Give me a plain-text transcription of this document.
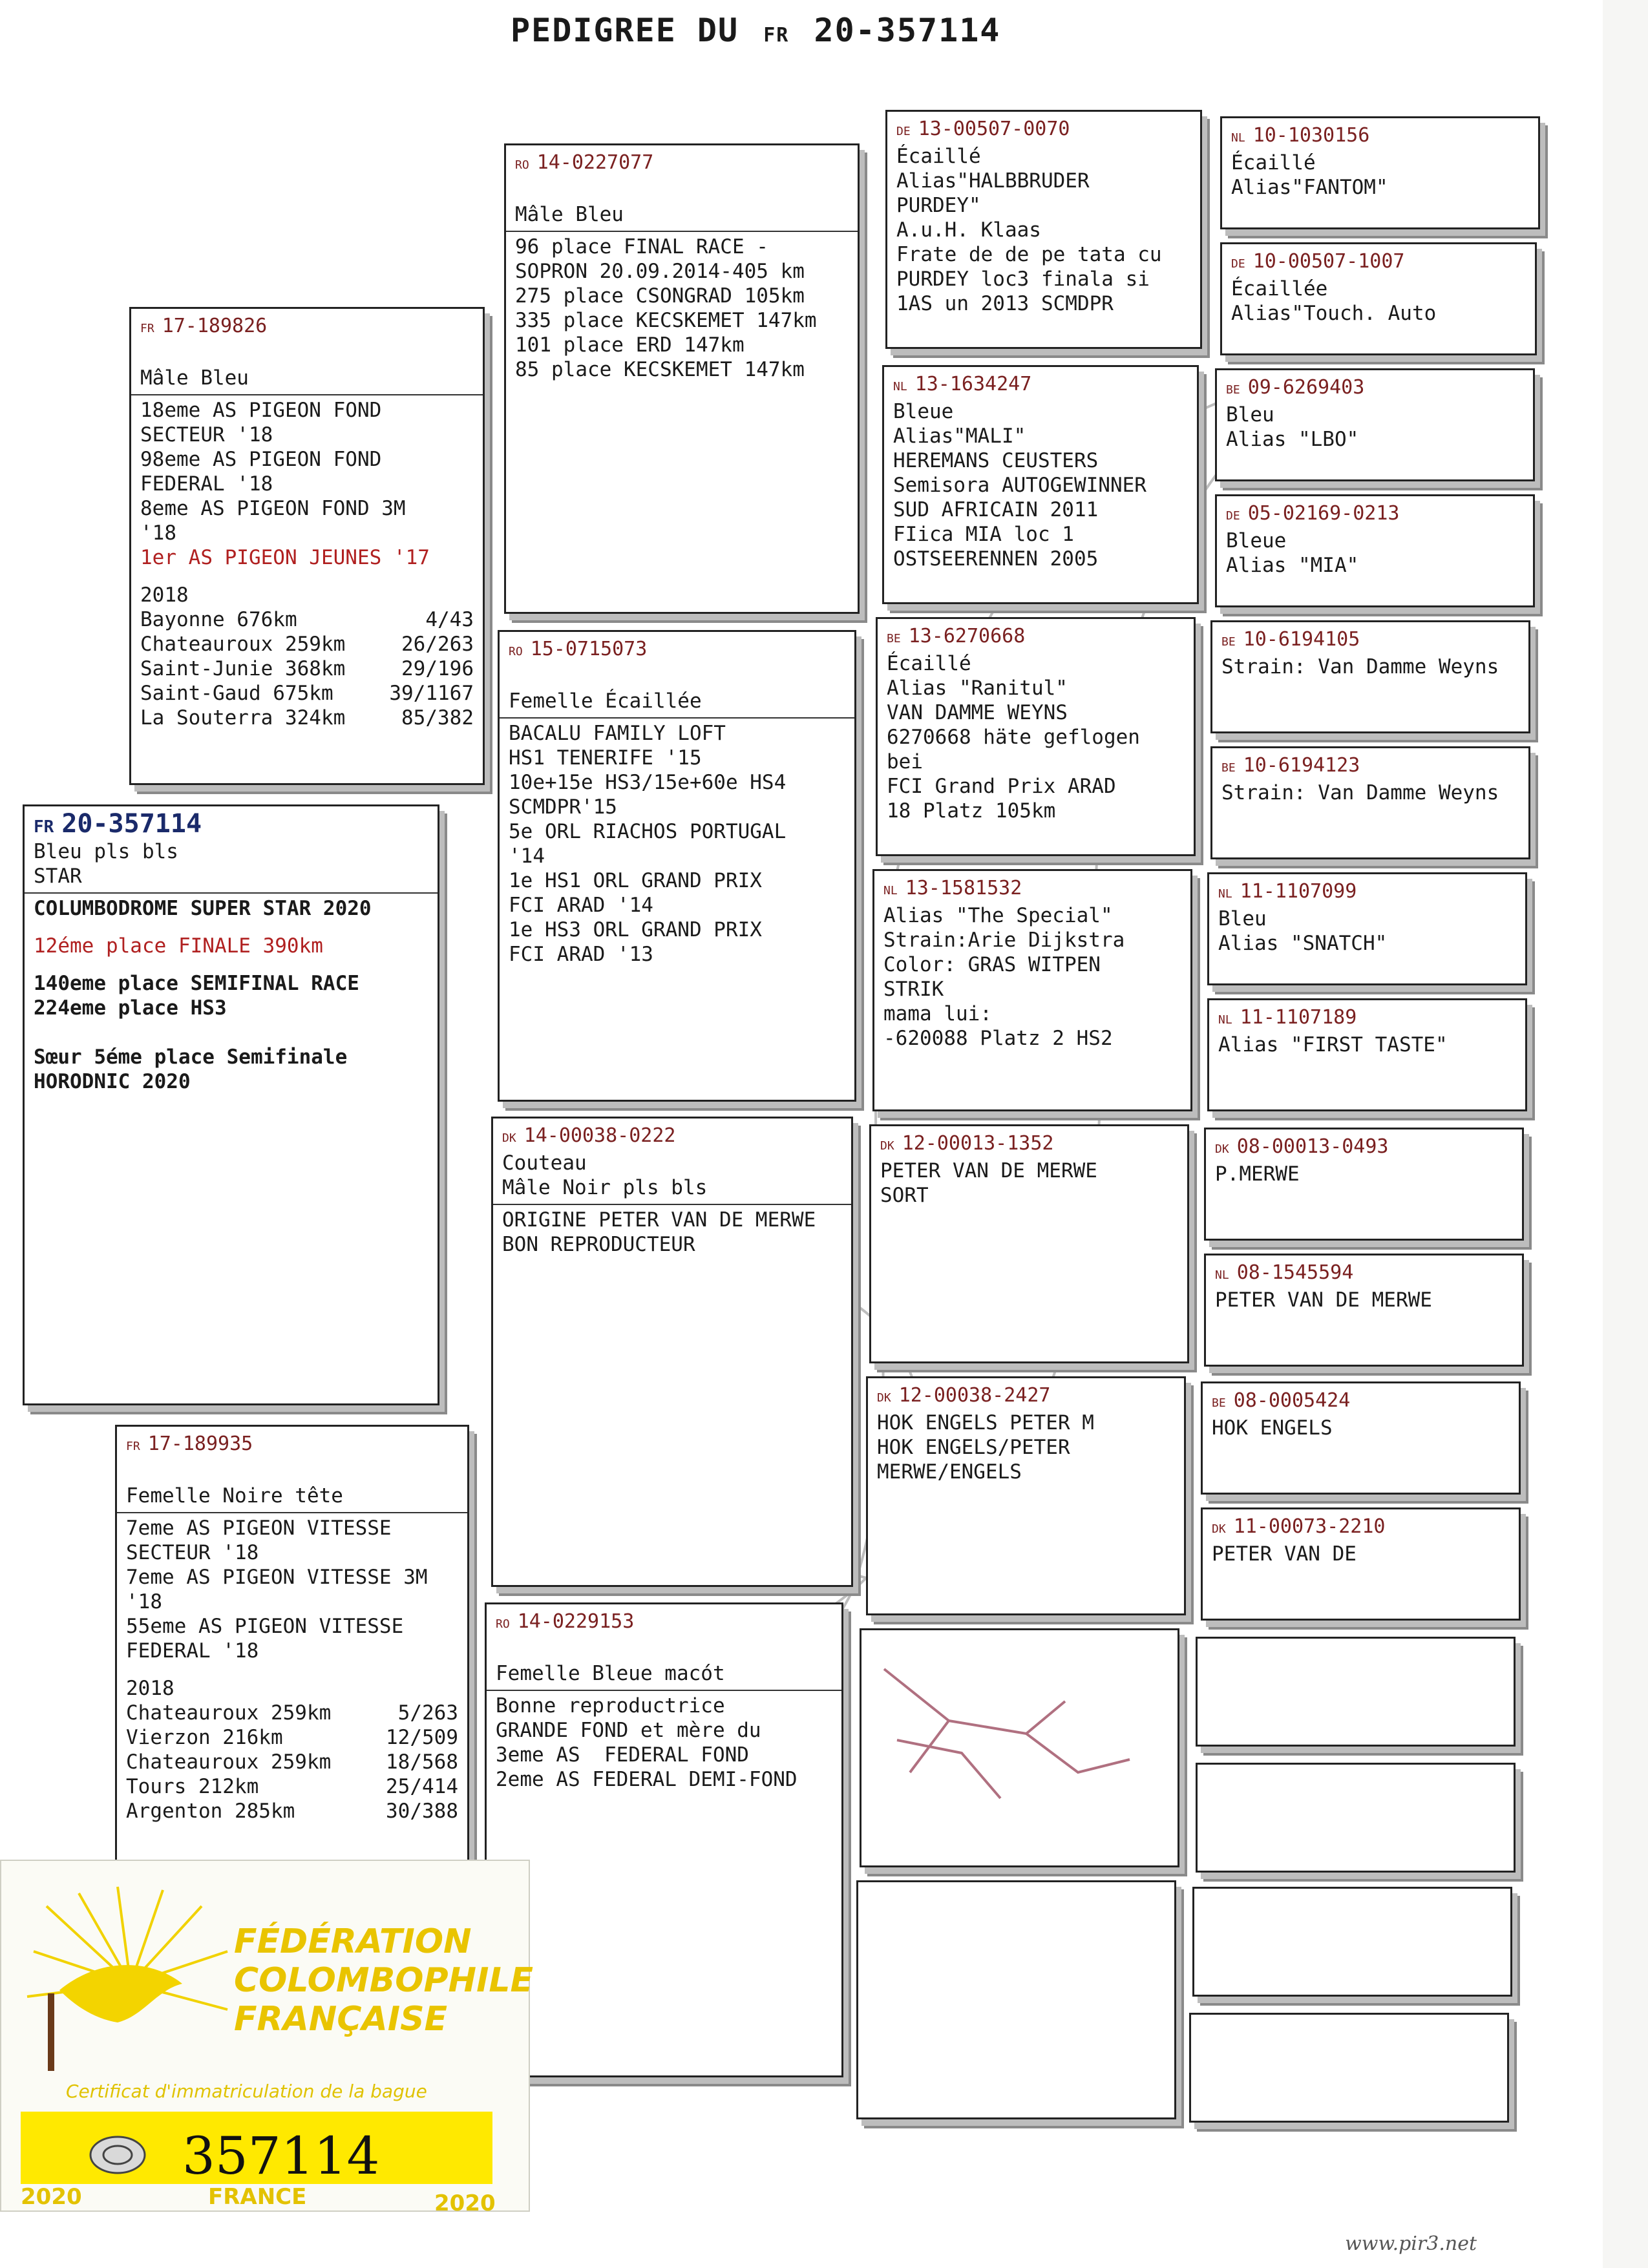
PEDIGREE DU FR 20-357114
NL 10-1030156
Écaillé
Alias"FANTOM"
DE 10-00507-1007
Écaillée
Alias"Touch. Auto
BE 09-6269403
Bleu
Alias "LBO"
DE 05-02169-0213
Bleue
Alias "MIA"
BE 10-6194105
Strain: Van Damme Weyns
BE 10-6194123
Strain: Van Damme Weyns
NL 11-1107099
Bleu
Alias "SNATCH"
NL 11-1107189
Alias "FIRST TASTE"
DK 08-00013-0493
P.MERWE
NL 08-1545594
PETER VAN DE MERWE
BE 08-0005424
HOK ENGELS
DK 11-00073-2210
PETER VAN DE
DE 13-00507-0070
Écaillé
Alias"HALBBRUDER
PURDEY"
A.u.H. Klaas
Frate de de pe tata cu
PURDEY loc3 finala si
1AS un 2013 SCMDPR
NL 13-1634247
Bleue
Alias"MALI"
HEREMANS CEUSTERS
Semisora AUTOGEWINNER
SUD AFRICAIN 2011
FIica MIA loc 1
OSTSEERENNEN 2005
BE 13-6270668
Écaillé
Alias "Ranitul"
VAN DAMME WEYNS
6270668 häte geflogen
bei
FCI Grand Prix ARAD
18 Platz 105km
NL 13-1581532
Alias "The Special"
Strain:Arie Dijkstra
Color: GRAS WITPEN
STRIK
mama lui:
-620088 Platz 2 HS2
DK 12-00013-1352
PETER VAN DE MERWE
SORT
DK 12-00038-2427
HOK ENGELS PETER M
HOK ENGELS/PETER
MERWE/ENGELS
RO 14-0227077
Mâle Bleu
96 place FINAL RACE -
SOPRON 20.09.2014-405 km
275 place CSONGRAD 105km
335 place KECSKEMET 147km
101 place ERD 147km
85 place KECSKEMET 147km
RO 15-0715073
Femelle Écaillée
BACALU FAMILY LOFT
HS1 TENERIFE '15
10e+15e HS3/15e+60e HS4
SCMDPR'15
5e ORL RIACHOS PORTUGAL
'14
1e HS1 ORL GRAND PRIX
FCI ARAD '14
1e HS3 ORL GRAND PRIX
FCI ARAD '13
DK 14-00038-0222
Couteau
Mâle Noir pls bls
ORIGINE PETER VAN DE MERWE
BON REPRODUCTEUR
RO 14-0229153
Femelle Bleue macót
Bonne reproductrice
GRANDE FOND et mère du
3eme AS  FEDERAL FOND
2eme AS FEDERAL DEMI-FOND
FR 17-189826
Mâle Bleu
18eme AS PIGEON FOND
SECTEUR '18
98eme AS PIGEON FOND
FEDERAL '18
8eme AS PIGEON FOND 3M
'18
1er AS PIGEON JEUNES '17
2018
Bayonne 676km	4/43
Chateauroux 259km	26/263
Saint-Junie 368km	29/196
Saint-Gaud 675km	39/1167
La Souterra 324km	85/382
FR 17-189935
Femelle Noire tête
7eme AS PIGEON VITESSE
SECTEUR '18
7eme AS PIGEON VITESSE 3M
'18
55eme AS PIGEON VITESSE
FEDERAL '18
2018
Chateauroux 259km	5/263
Vierzon 216km	12/509
Chateauroux 259km	18/568
Tours 212km	25/414
Argenton 285km	30/388
FR 20-357114
Bleu pls bls
STAR
COLUMBODROME SUPER STAR 2020
12éme place FINALE 390km
140eme place SEMIFINAL RACE
224eme place HS3
Sœur 5éme place Semifinale
HORODNIC 2020
FÉDÉRATION
COLOMBOPHILE
FRANÇAISE
Certificat d'immatriculation de la bague
357114
2020	FRANCE	2020
www.pir3.net
